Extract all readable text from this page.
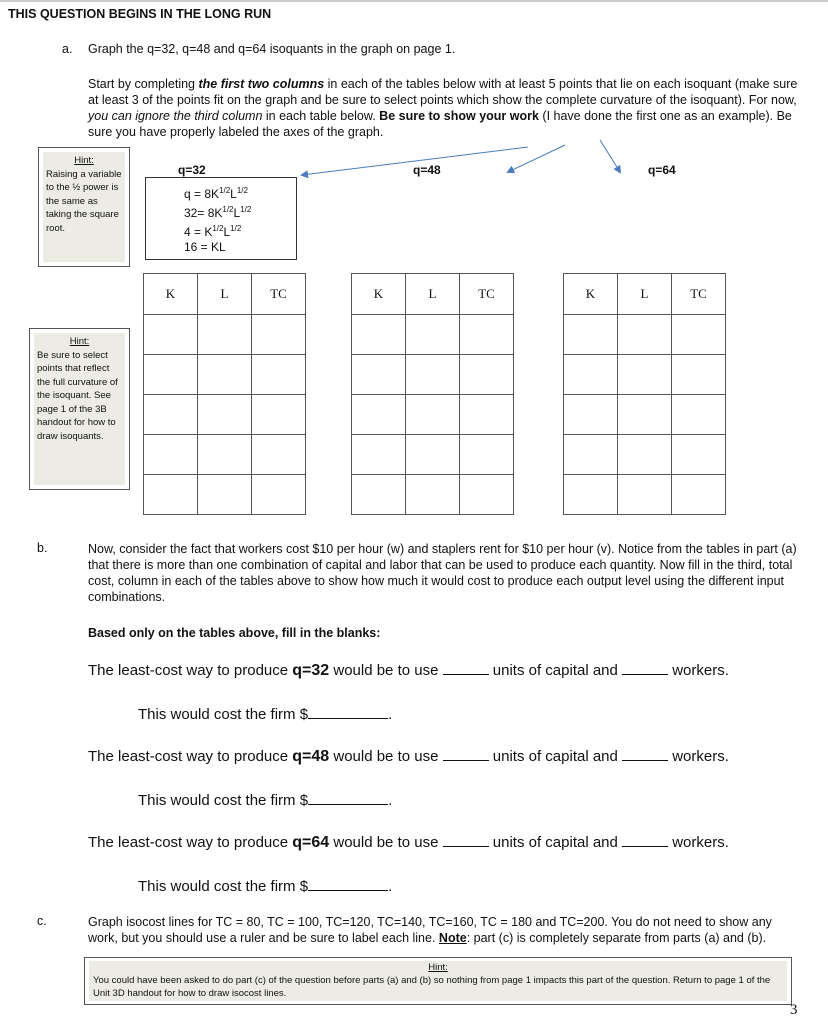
THIS QUESTION BEGINS IN THE LONG RUN
a. Graph the q=32, q=48 and q=64 isoquants in the graph on page 1.

Start by completing the first two columns in each of the tables below with at least 5 points that lie on each isoquant (make sure at least 3 of the points fit on the graph and be sure to select points which show the complete curvature of the isoquant). For now, you can ignore the third column in each table below. Be sure to show your work (I have done the first one as an example). Be sure you have properly labeled the axes of the graph.

Hint:
Raising a variable to the ½ power is the same as taking the square root.
Hint:
Be sure to select points that reflect the full curvature of the isoquant. See page 1 of the 3B handout for how to draw isoquants.
q=32	q=48	q=64
$q = 8K^{1/2}L^{1/2}$
$32= 8K^{1/2}L^{1/2}$
$4 = K^{1/2}L^{1/2}$
16 = KL
K	L	TC

			K	L	TC

			K	L	TC

b.	Now, consider the fact that workers cost $10 per hour (w) and staplers rent for $10 per hour (v). Notice from the tables in part (a) that there is more than one combination of capital and labor that can be used to produce each quantity. Now fill in the third, total cost, column in each of the tables above to show how much it would cost to produce each output level using the different input combinations.

Based only on the tables above, fill in the blanks:
The least-cost way to produce q=32 would be to use	units of capital and	workers.
This would cost the firm $	.
The least-cost way to produce q=48 would be to use	units of capital and	workers.
This would cost the firm $	.
The least-cost way to produce q=64 would be to use	units of capital and	workers.
This would cost the firm $	.
c.	Graph isocost lines for TC = 80, TC = 100, TC=120, TC=140, TC=160, TC = 180 and TC=200. You do not need to show any work, but you should use a ruler and be sure to label each line. Note: part (c) is completely separate from parts (a) and (b).

Hint:
You could have been asked to do part (c) of the question before parts (a) and (b) so nothing from page 1 impacts this part of the question. Return to page 1 of the Unit 3D handout for how to draw isocost lines.
3
